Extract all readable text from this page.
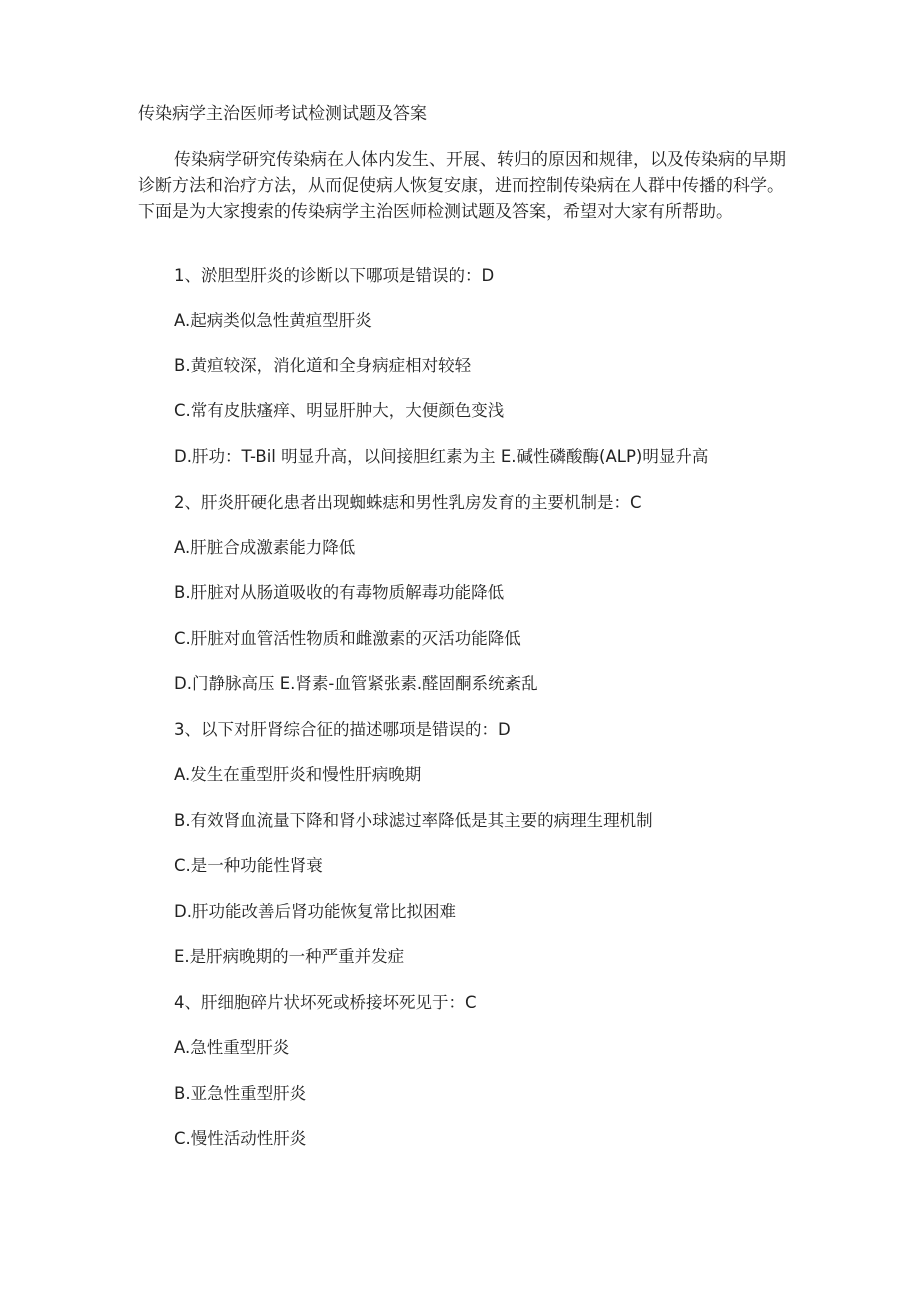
传染病学主治医师考试检测试题及答案

传染病学研究传染病在人体内发生、开展、转归的原因和规律，以及传染病的早期诊断方法和治疗方法，从而促使病人恢复安康，进而控制传染病在人群中传播的科学。下面是为大家搜索的传染病学主治医师检测试题及答案，希望对大家有所帮助。

1、淤胆型肝炎的诊断以下哪项是错误的：D
A.起病类似急性黄疸型肝炎
B.黄疸较深，消化道和全身病症相对较轻
C.常有皮肤瘙痒、明显肝肿大，大便颜色变浅
D.肝功：T-Bil 明显升高，以间接胆红素为主 E.碱性磷酸酶(ALP)明显升高
2、肝炎肝硬化患者出现蜘蛛痣和男性乳房发育的主要机制是：C
A.肝脏合成激素能力降低
B.肝脏对从肠道吸收的有毒物质解毒功能降低
C.肝脏对血管活性物质和雌激素的灭活功能降低
D.门静脉高压 E.肾素-血管紧张素.醛固酮系统紊乱
3、以下对肝肾综合征的描述哪项是错误的：D
A.发生在重型肝炎和慢性肝病晚期
B.有效肾血流量下降和肾小球滤过率降低是其主要的病理生理机制
C.是一种功能性肾衰
D.肝功能改善后肾功能恢复常比拟困难
E.是肝病晚期的一种严重并发症
4、肝细胞碎片状坏死或桥接坏死见于：C
A.急性重型肝炎
B.亚急性重型肝炎
C.慢性活动性肝炎
